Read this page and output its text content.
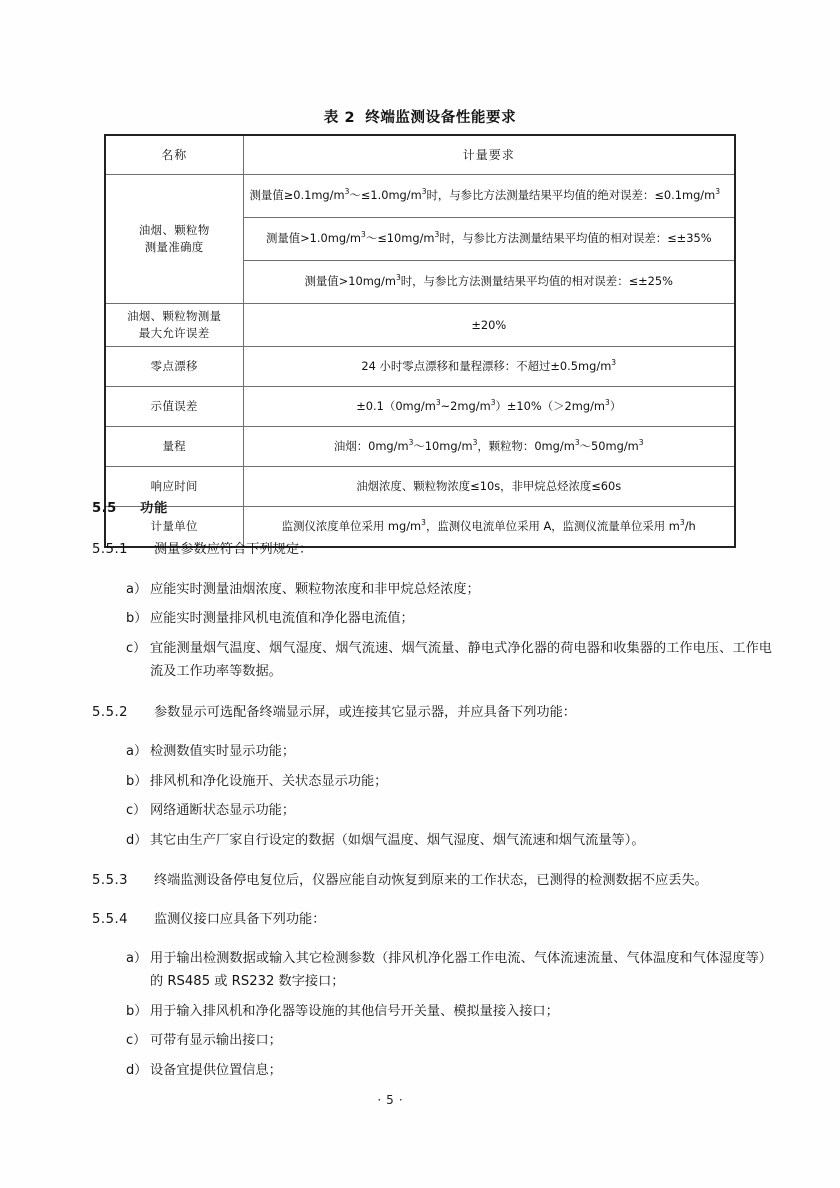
表 2 终端监测设备性能要求
名称	计量要求
油烟、颗粒物
测量准确度	测量值$\ge 0.1mg/m^3\sim\le 1.0mg/m^3$时，与参比方法测量结果平均值的绝对误差：$\le 0.1mg/m^3$
	测量值$>1.0mg/m^3\sim\le 10mg/m^3$时，与参比方法测量结果平均值的相对误差：≤±35%
	测量值$>10mg/m^3$时，与参比方法测量结果平均值的相对误差：≤±25%
油烟、颗粒物测量
最大允许误差	±20%
零点漂移	24 小时零点漂移和量程漂移：不超过$\pm 0.5mg/m^3$
示值误差	$\pm 0.1(0mg/m^3\sim 2mg/m^3)\pm 10\%(>2mg/m^3)$
量程	油烟：$0mg/m^3\sim 10mg/m^3$，颗粒物：$0mg/m^3\sim 50mg/m^3$
响应时间	油烟浓度、颗粒物浓度≤10s，非甲烷总烃浓度≤60s
计量单位	监测仪浓度单位采用 $mg/m^3$，监测仪电流单位采用 A，监测仪流量单位采用 $m^3/h$
5.5	功能
5.5.1	测量参数应符合下列规定：
a） 应能实时测量油烟浓度、颗粒物浓度和非甲烷总烃浓度；
b） 应能实时测量排风机电流值和净化器电流值；
c） 宜能测量烟气温度、烟气湿度、烟气流速、烟气流量、静电式净化器的荷电器和收集器的工作电压、工作电流及工作功率等数据。
5.5.2	参数显示可选配备终端显示屏，或连接其它显示器，并应具备下列功能：
a） 检测数值实时显示功能；
b） 排风机和净化设施开、关状态显示功能；
c） 网络通断状态显示功能；
d） 其它由生产厂家自行设定的数据（如烟气温度、烟气湿度、烟气流速和烟气流量等）。
5.5.3	终端监测设备停电复位后，仪器应能自动恢复到原来的工作状态，已测得的检测数据不应丢失。
5.5.4	监测仪接口应具备下列功能：
a） 用于输出检测数据或输入其它检测参数（排风机净化器工作电流、气体流速流量、气体温度和气体湿度等）的 RS485 或 RS232 数字接口；
b） 用于输入排风机和净化器等设施的其他信号开关量、模拟量接入接口；
c） 可带有显示输出接口；
d） 设备宜提供位置信息；
· 5 ·
